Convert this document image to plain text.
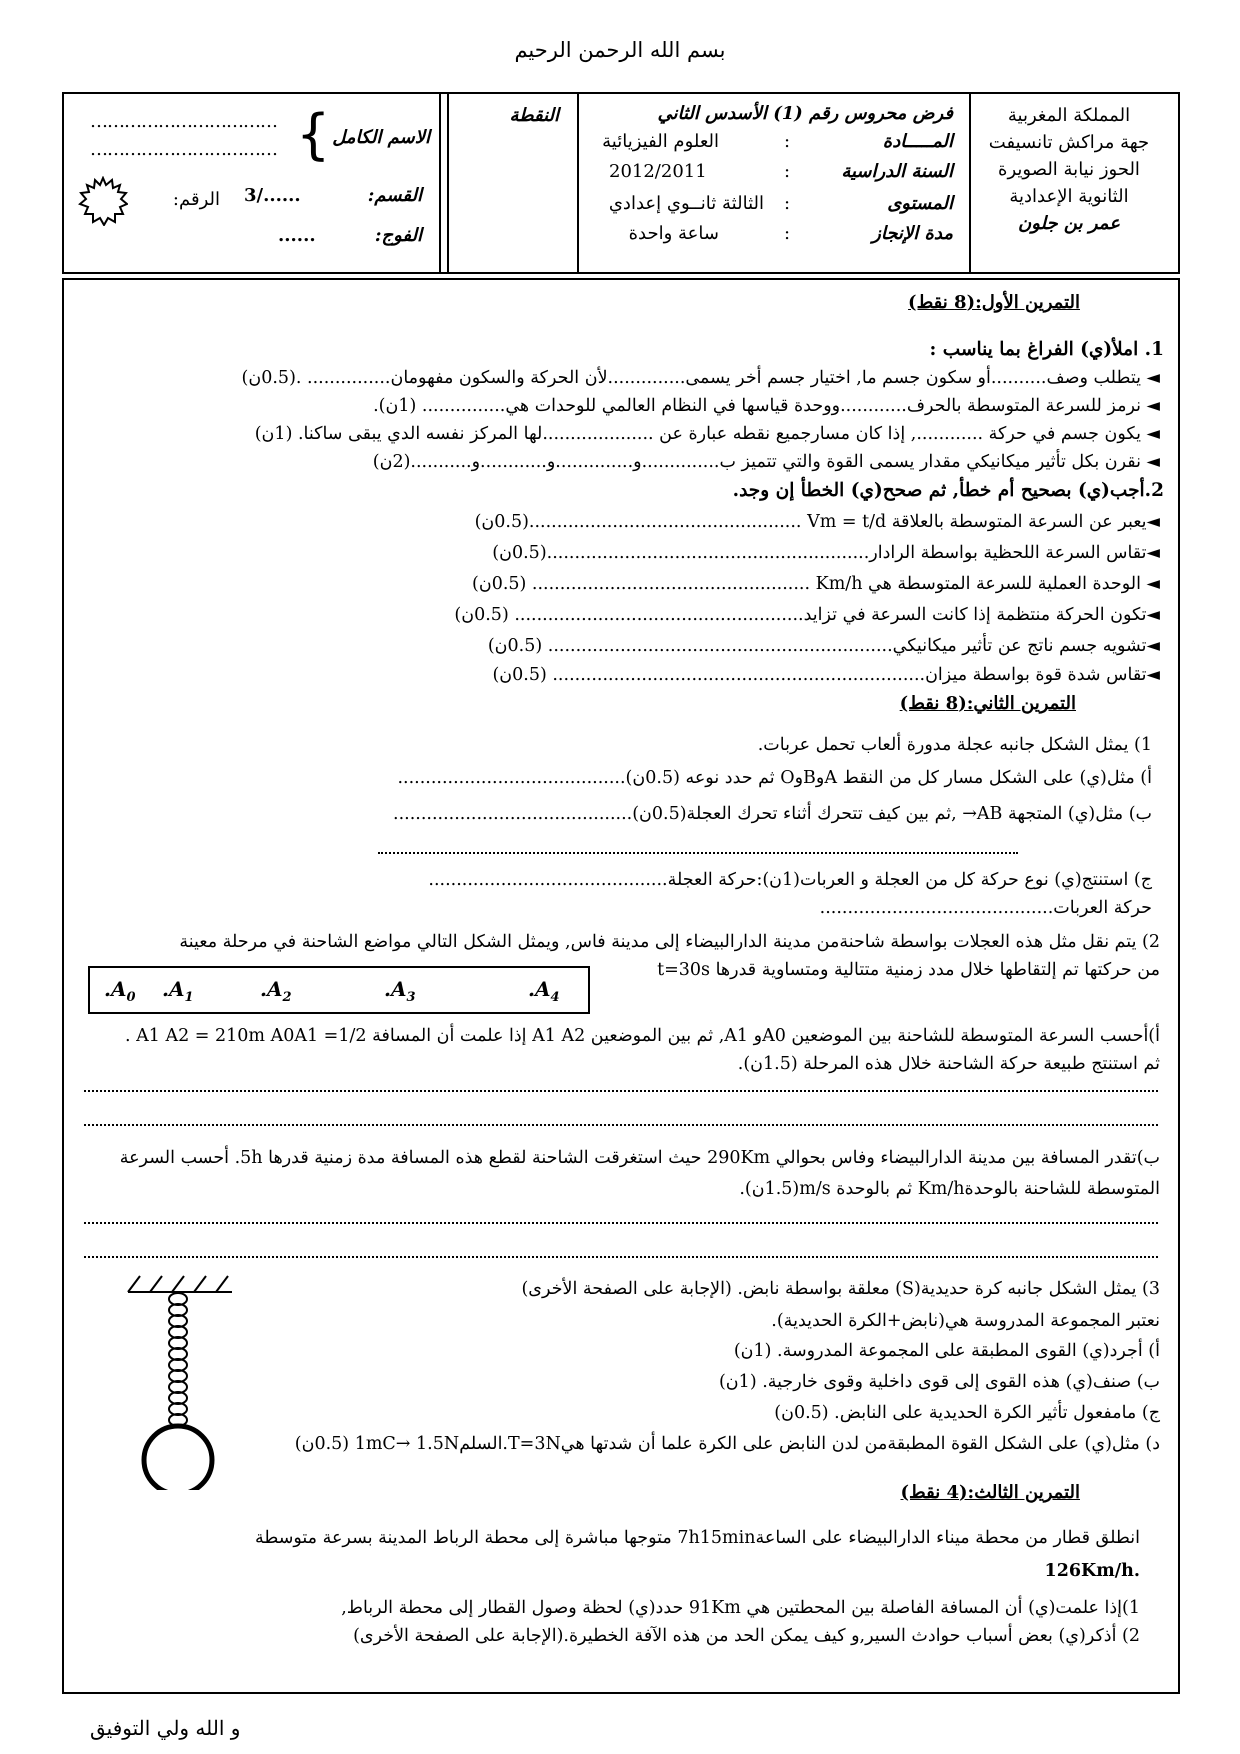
بسم الله الرحمن الرحيم
المملكة المغربية
جهة مراكش تانسيفت
الحوز نيابة الصويرة
الثانوية الإعدادية
عمر بن جلون
فرض محروس رقم (1) الأسدس الثاني
المـــــادة
:
العلوم الفيزيائية
السنة الدراسية
:
2012/2011
المستوى
:
الثالثة ثانــوي إعدادي
مدة الإنجاز
:
ساعة واحدة
النقطة
الاسم الكامل
{
……………………………
……………………………
القسم:
3/......
الرقم:
الفوج:
......
التمرين الأول:(8 نقط)
1. املأ(ي) الفراغ بما يناسب :
◄ يتطلب وصف..........أو سكون جسم ما, اختيار جسم أخر يسمى..............لأن الحركة والسكون مفهومان............... .(0.5ن)
◄ نرمز للسرعة المتوسطة بالحرف............ووحدة قياسها في النظام العالمي للوحدات هي............... (1ن).
◄ يكون جسم في حركة ............, إذا كان مسارجميع نقطه عبارة عن ....................لها المركز نفسه الدي يبقى ساكنا. (1ن)
◄ نقرن بكل تأثير ميكانيكي مقدار يسمى القوة والتي تتميز ب..............و..............و............و...........(2ن)
2.أجب(ي) بصحيح أم خطأ, ثم صحح(ي) الخطأ إن وجد.
◄يعبر عن السرعة المتوسطة بالعلاقة Vm = t/d .................................................(0.5ن)
◄تقاس السرعة اللحظية بواسطة الرادار..........................................................(0.5ن)
◄ الوحدة العملية للسرعة المتوسطة هي Km/h .................................................. (0.5ن)
◄تكون الحركة منتظمة إذا كانت السرعة في تزايد.................................................... (0.5ن)
◄تشويه جسم ناتج عن تأثير ميكانيكي.............................................................. (0.5ن)
◄تقاس شدة قوة بواسطة ميزان................................................................... (0.5ن)
التمرين الثاني:(8 نقط)
1) يمثل الشكل جانبه عجلة مدورة ألعاب تحمل عربات.
أ) مثل(ي) على الشكل مسار كل من النقط AوBوO ثم حدد نوعه (0.5ن).........................................
ب) مثل(ي) المتجهة AB→ ,ثم بين كيف تتحرك أثناء تحرك العجلة(0.5ن)...........................................
ج) استنتج(ي) نوع حركة كل من العجلة و العربات(1ن):حركة العجلة...........................................
حركة العربات..........................................
2) يتم نقل مثل هذه العجلات بواسطة شاحنةمن مدينة الدارالبيضاء إلى مدينة فاس, ويمثل الشكل التالي مواضع الشاحنة في مرحلة معينة
من حركتها تم إلتقاطها خلال مدد زمنية متتالية ومتساوية قدرها t=30s
$.A_0$ $.A_1$	$.A_2$	$.A_3$	$.A_4$
أ)أحسب السرعة المتوسطة للشاحنة بين الموضعين A0و A1, ثم بين الموضعين A1 A2 إذا علمت أن المسافة A1 A2 = 210m A0A1 =1/2 .
ثم استنتج طبيعة حركة الشاحنة خلال هذه المرحلة (1.5ن).
ب)تقدر المسافة بين مدينة الدارالبيضاء وفاس بحوالي 290Km حيث استغرقت الشاحنة لقطع هذه المسافة مدة زمنية قدرها 5h. أحسب السرعة
المتوسطة للشاحنة بالوحدةKm/h ثم بالوحدة m/s(1.5ن).
3) يمثل الشكل جانبه كرة حديدية(S) معلقة بواسطة نابض. (الإجابة على الصفحة الأخرى)
نعتبر المجموعة المدروسة هي(نابض+الكرة الحديدية).
أ) أجرد(ي) القوى المطبقة على المجموعة المدروسة. (1ن)
ب) صنف(ي) هذه القوى إلى قوى داخلية وقوى خارجية. (1ن)
ج) مامفعول تأثير الكرة الحديدية على النابض. (0.5ن)
د) مثل(ي) على الشكل القوة المطبقةمن لدن النابض على الكرة علما أن شدتها هيT=3N.السلم1mC→ 1.5N (0.5ن)
التمرين الثالث:(4 نقط)
انطلق قطار من محطة ميناء الدارالبيضاء على الساعة7h15min متوجها مباشرة إلى محطة الرباط المدينة بسرعة متوسطة
126Km/h.
1)إذا علمت(ي) أن المسافة الفاصلة بين المحطتين هي 91Km حدد(ي) لحظة وصول القطار إلى محطة الرباط,
2) أذكر(ي) بعض أسباب حوادث السير,و كيف يمكن الحد من هذه الآفة الخطيرة.(الإجابة على الصفحة الأخرى)
و الله ولي التوفيق
